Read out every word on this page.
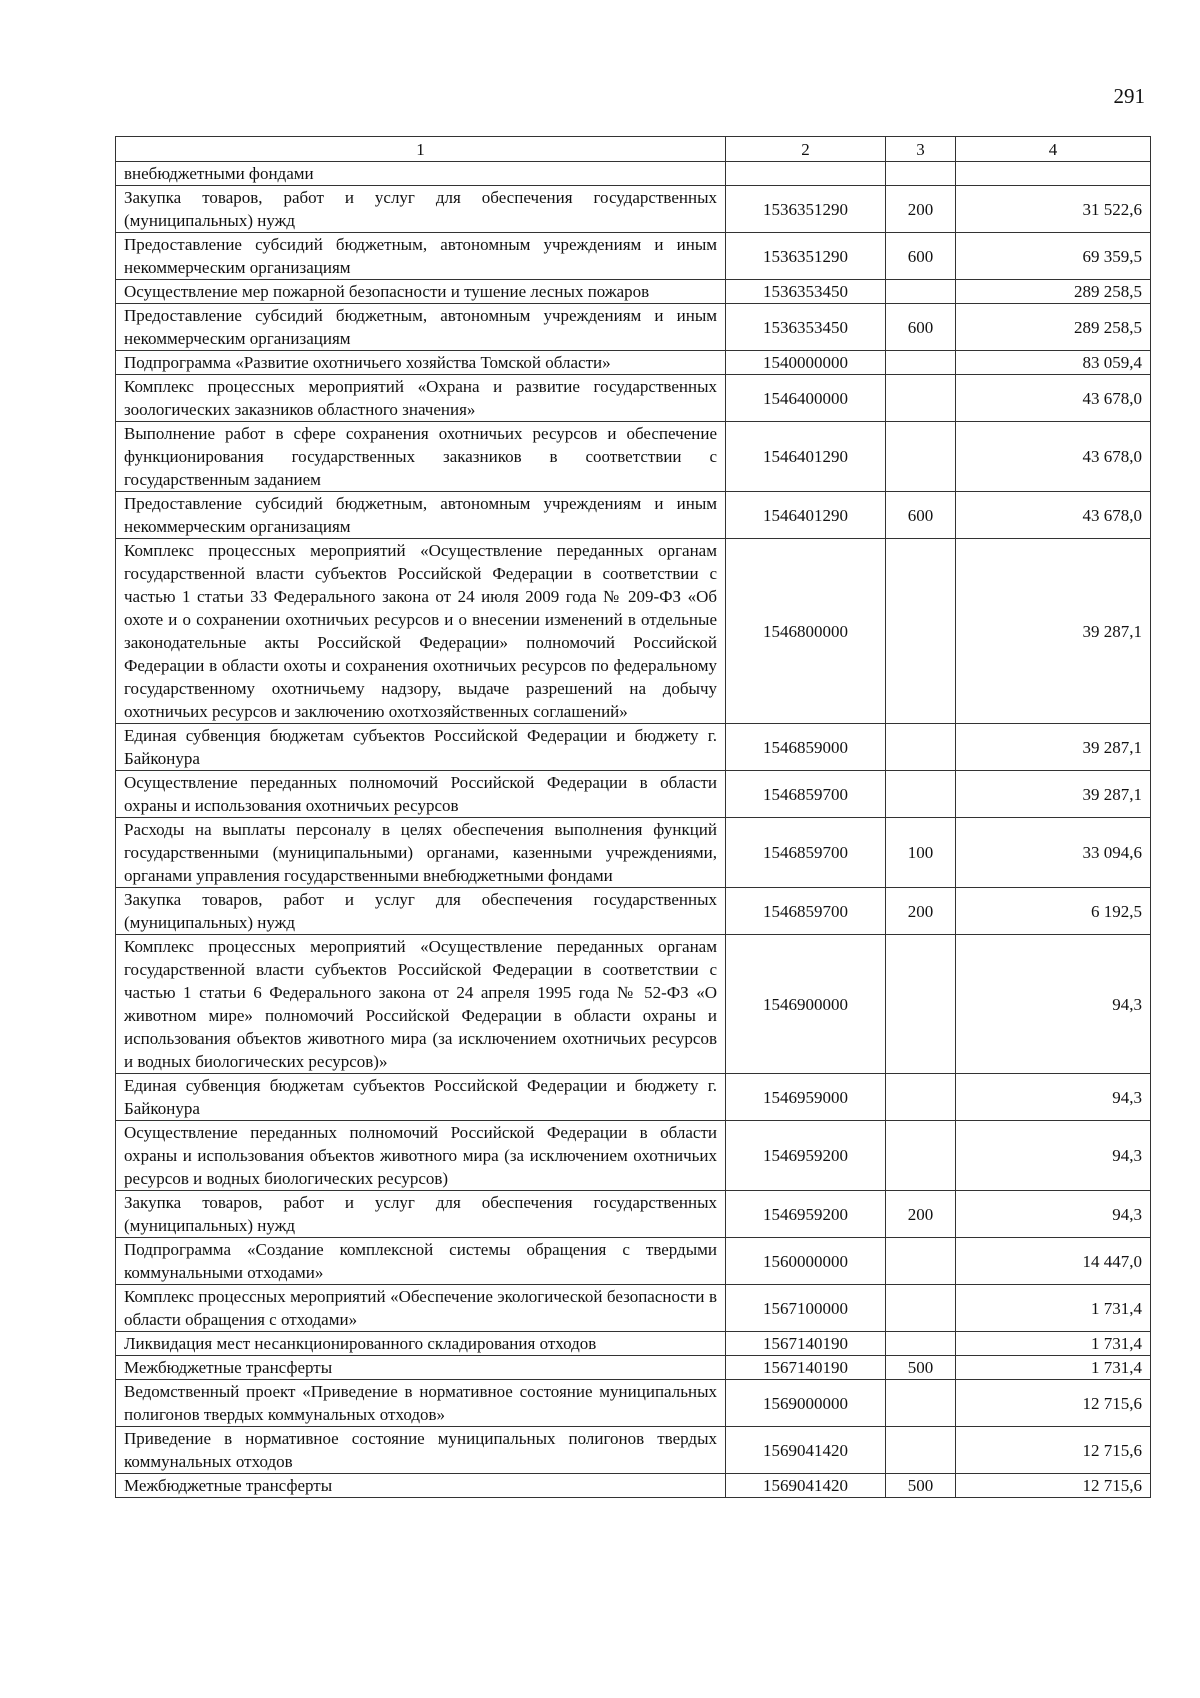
291
1	2	3	4
внебюджетными фондами			
Закупка товаров, работ и услуг для обеспечения государственных (муниципальных) нужд	1536351290	200	31 522,6
Предоставление субсидий бюджетным, автономным учреждениям и иным некоммерческим организациям	1536351290	600	69 359,5
Осуществление мер пожарной безопасности и тушение лесных пожаров	1536353450		289 258,5
Предоставление субсидий бюджетным, автономным учреждениям и иным некоммерческим организациям	1536353450	600	289 258,5
Подпрограмма «Развитие охотничьего хозяйства Томской области»	1540000000		83 059,4
Комплекс процессных мероприятий «Охрана и развитие государственных зоологических заказников областного значения»	1546400000		43 678,0
Выполнение работ в сфере сохранения охотничьих ресурсов и обеспечение функционирования государственных заказников в соответствии с государственным заданием	1546401290		43 678,0
Предоставление субсидий бюджетным, автономным учреждениям и иным некоммерческим организациям	1546401290	600	43 678,0
Комплекс процессных мероприятий «Осуществление переданных органам государственной власти субъектов Российской Федерации в соответствии с частью 1 статьи 33 Федерального закона от 24 июля 2009 года № 209-ФЗ «Об охоте и о сохранении охотничьих ресурсов и о внесении изменений в отдельные законодательные акты Российской Федерации» полномочий Российской Федерации в области охоты и сохранения охотничьих ресурсов по федеральному государственному охотничьему надзору, выдаче разрешений на добычу охотничьих ресурсов и заключению охотхозяйственных соглашений»	1546800000		39 287,1
Единая субвенция бюджетам субъектов Российской Федерации и бюджету г. Байконура	1546859000		39 287,1
Осуществление переданных полномочий Российской Федерации в области охраны и использования охотничьих ресурсов	1546859700		39 287,1
Расходы на выплаты персоналу в целях обеспечения выполнения функций государственными (муниципальными) органами, казенными учреждениями, органами управления государственными внебюджетными фондами	1546859700	100	33 094,6
Закупка товаров, работ и услуг для обеспечения государственных (муниципальных) нужд	1546859700	200	6 192,5
Комплекс процессных мероприятий «Осуществление переданных органам государственной власти субъектов Российской Федерации в соответствии с частью 1 статьи 6 Федерального закона от 24 апреля 1995 года № 52-ФЗ «О животном мире» полномочий Российской Федерации в области охраны и использования объектов животного мира (за исключением охотничьих ресурсов и водных биологических ресурсов)»	1546900000		94,3
Единая субвенция бюджетам субъектов Российской Федерации и бюджету г. Байконура	1546959000		94,3
Осуществление переданных полномочий Российской Федерации в области охраны и использования объектов животного мира (за исключением охотничьих ресурсов и водных биологических ресурсов)	1546959200		94,3
Закупка товаров, работ и услуг для обеспечения государственных (муниципальных) нужд	1546959200	200	94,3
Подпрограмма «Создание комплексной системы обращения с твердыми коммунальными отходами»	1560000000		14 447,0
Комплекс процессных мероприятий «Обеспечение экологической безопасности в области обращения с отходами»	1567100000		1 731,4
Ликвидация мест несанкционированного складирования отходов	1567140190		1 731,4
Межбюджетные трансферты	1567140190	500	1 731,4
Ведомственный проект «Приведение в нормативное состояние муниципальных полигонов твердых коммунальных отходов»	1569000000		12 715,6
Приведение в нормативное состояние муниципальных полигонов твердых коммунальных отходов	1569041420		12 715,6
Межбюджетные трансферты	1569041420	500	12 715,6
